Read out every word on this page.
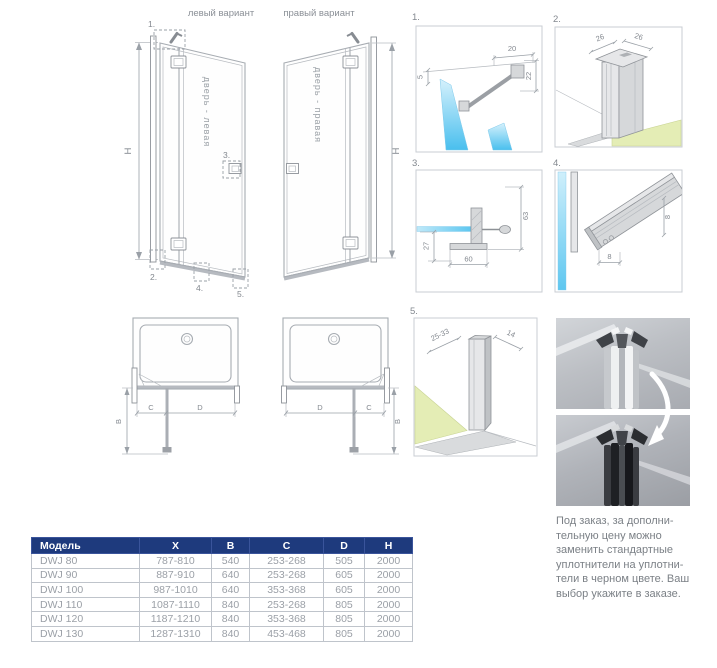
левый вариант	правый вариант
H
1.
2.
3.
4.
5.
дверь - левая
H
дверь - правая
C	D
B
D	C
B
1.
5
20
22
2.
26	26
3.
63
27
60
4.
8
8
5.
25-33	14
Под заказ, за дополни-
тельную цену можно
заменить стандартные
уплотнители на уплотни-
тели в черном цвете. Ваш
выбор укажите в заказе.
Модель	X	B	C	D	H
DWJ 80	787-810	540	253-268	505	2000
DWJ 90	887-910	640	253-268	605	2000
DWJ 100	987-1010	640	353-368	605	2000
DWJ 110	1087-1110	840	253-268	805	2000
DWJ 120	1187-1210	840	353-368	805	2000
DWJ 130	1287-1310	840	453-468	805	2000
